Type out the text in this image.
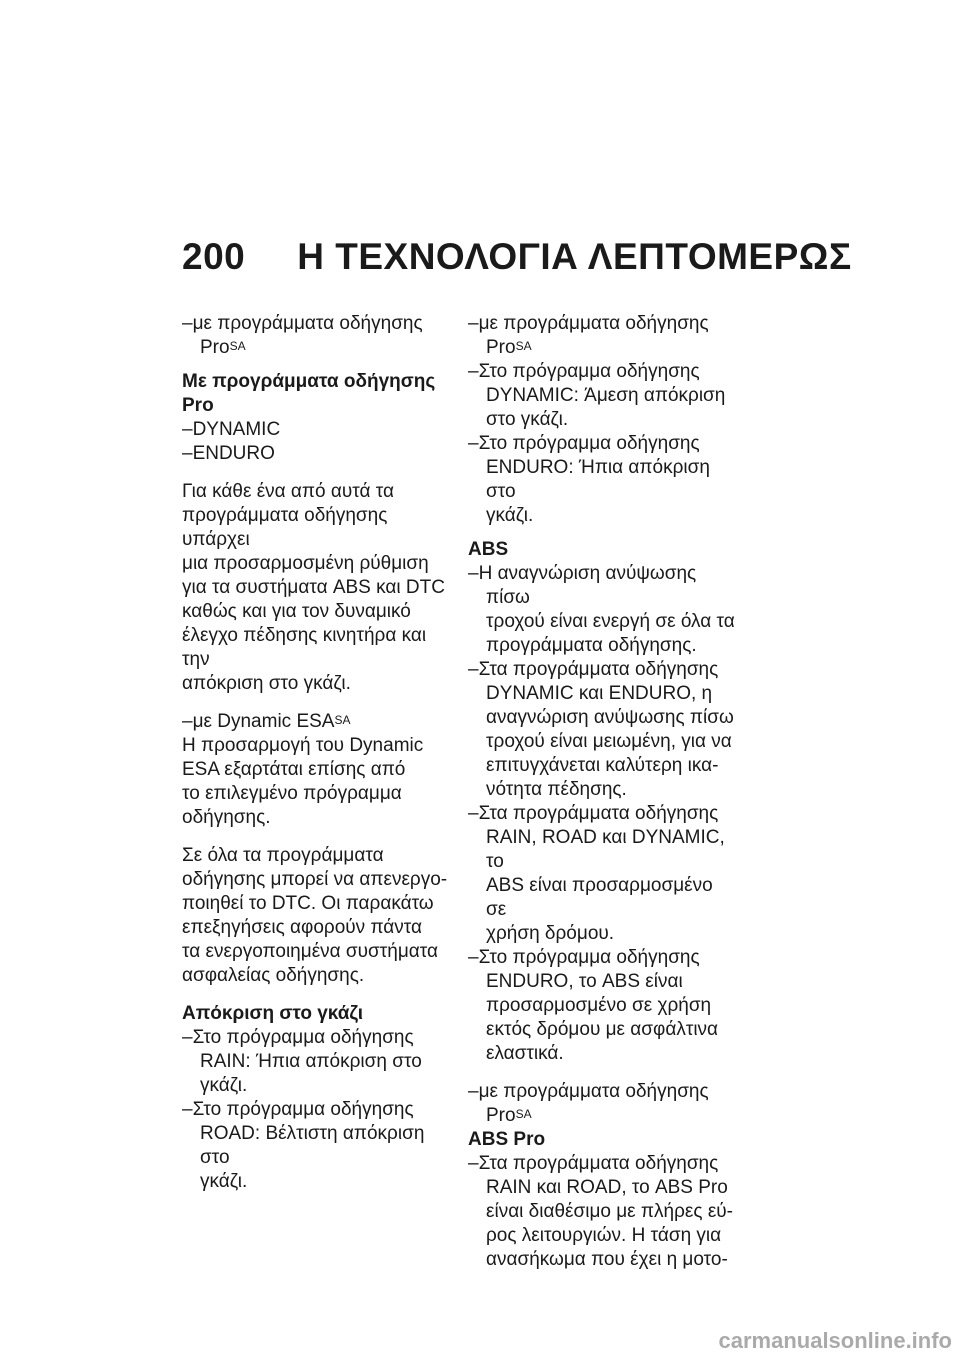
200 Η ΤΕΧΝΟΛΟΓΙΑ ΛΕΠΤΟΜΕΡΩΣ
–με προγράμματα οδήγησης
Pro$^{SA}$

Με προγράμματα οδήγησης
Pro

–DYNAMIC
–ENDURO

Για κάθε ένα από αυτά τα
προγράμματα οδήγησης υπάρχει
μια προσαρμοσμένη ρύθμιση
για τα συστήματα ABS και DTC
καθώς και για τον δυναμικό
έλεγχο πέδησης κινητήρα και την
απόκριση στο γκάζι.

–με Dynamic $ESA^{SA}$

Η προσαρμογή του Dynamic
ESA εξαρτάται επίσης από
το επιλεγμένο πρόγραμμα
οδήγησης.

Σε όλα τα προγράμματα
οδήγησης μπορεί να απενεργο-
ποιηθεί το DTC. Οι παρακάτω
επεξηγήσεις αφορούν πάντα
τα ενεργοποιημένα συστήματα
ασφαλείας οδήγησης.

Απόκριση στο γκάζι

–Στο πρόγραμμα οδήγησης
RAIN: Ήπια απόκριση στο γκάζι.
–Στο πρόγραμμα οδήγησης
ROAD: Βέλτιστη απόκριση στο
γκάζι.
–με προγράμματα οδήγησης
Pro$^{SA}$
–Στο πρόγραμμα οδήγησης
DYNAMIC: Άμεση απόκριση
στο γκάζι.
–Στο πρόγραμμα οδήγησης
ENDURO: Ήπια απόκριση στο
γκάζι.

ABS

–Η αναγνώριση ανύψωσης πίσω
τροχού είναι ενεργή σε όλα τα
προγράμματα οδήγησης.
–Στα προγράμματα οδήγησης
DYNAMIC και ENDURO, η
αναγνώριση ανύψωσης πίσω
τροχού είναι μειωμένη, για να
επιτυγχάνεται καλύτερη ικα-
νότητα πέδησης.
–Στα προγράμματα οδήγησης
RAIN, ROAD και DYNAMIC, το
ABS είναι προσαρμοσμένο σε
χρήση δρόμου.
–Στο πρόγραμμα οδήγησης
ENDURO, το ABS είναι
προσαρμοσμένο σε χρήση
εκτός δρόμου με ασφάλτινα
ελαστικά.
–με προγράμματα οδήγησης
Pro$^{SA}$

ABS Pro

–Στα προγράμματα οδήγησης
RAIN και ROAD, το ABS Pro
είναι διαθέσιμο με πλήρες εύ-
ρος λειτουργιών. Η τάση για
ανασήκωμα που έχει η μοτο-
carmanualsonline.info
